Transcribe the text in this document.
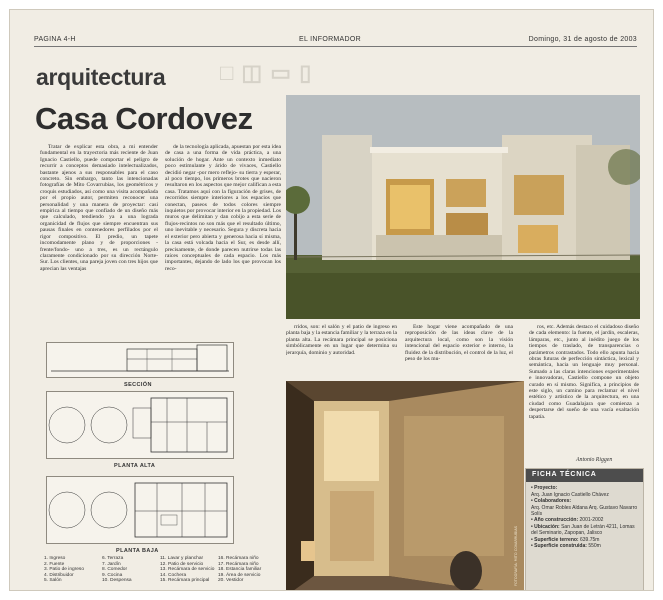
PAGINA 4-H	EL INFORMADOR	Domingo, 31 de agosto de 2003
□ ◫ ▭ ▯
arquitectura
Casa Cordovez

Tratar de explicar esta obra, a mi entender fundamental en la trayectoria más reciente de Juan Ignacio Castiello, puede comportar el peligro de recurrir a conceptos demasiado intelectualizados, bastante ajenos a sus responsables para el caso concreto. Sin embargo, tanto las intencionadas fotografías de Mito Covarrubias, los geométricos y croquis estudiados, así como una visita acompañada por el propio autor, permiten reconocer una personalidad y una manera de proyectar: casi empírica al tiempo que confiado de un diseño más que calculado, tendiendo ya a una lograda organicidad de flujos que siempre encuentran sus pausas finales en contenedores perfilados por el rigor compositivo. El predio, un tapete incomodamente plano y de proporciones -frente/fondo- uno a tres, es un rectángulo claramente condicionado por su dirección Norte-Sur. Los clientes, una pareja joven con tres hijos que aprecian las ventajas

de la tecnología aplicada, apuestan por esta idea de casa a una forma de vida práctica, a una solución de hogar. Ante un contexto inmediato poco estimulante y árido de vivaces, Castiello decidió negar -por mero reflejo- su tierra y esperar, al poco tiempo, los primeros brotes que nacieron resultaron en los aspectos que mejor califican a esta casa. Tratamos aquí con la figuración de grises, de recorridos siempre interiores a los espacios que conectan, paseos de todos colores siempre inquietos por provocar interior en la propiedad. Los muros que delimitan y dan cobijo a esta serie de flujos-recintos no son más que el resultado último, uno inevitable y necesario. Segura y discreta hacia el exterior pero abierta y generosa hacia sí misma, la casa está volcada hacia el Sur, es desde allí, precisamente, de donde parecen nutrirse todas las raíces conceptuales de cada espacio. Los más importantes, dejando de lado los que provocan los reco-

rridos, son: el salón y el patio de ingreso en planta baja y la estancia familiar y la terraza en la planta alta. La recámara principal se posiciona simbólicamente en un lugar que determina su jerarquía, dominio y autoridad.

Este hogar viene acompañado de una reproposición de las ideas clave de la arquitectura local, como son la visión intencional del espacio exterior e interno, la fluidez de la distribución, el control de la luz, el peso de los mu-

ros, etc. Además destaco el cuidadoso diseño de cada elemento: la fuente, el jardín, escaleras, lámparas, etc., junto al inédito juego de los tiempos de traslado, de transparencias o parámetros contrastados. Todo ello apunta hacia obras futuras de perfección sintáctica, lexical y semántica, hacia un lenguaje muy personal. Sumado a las claras intenciones experimentales e innovadoras, Castiello compone un objeto curado en sí mismo. Significa, a principios de este siglo, un camino para reclamar el nivel estético y artístico de la arquitectura, en una ciudad como Guadalajara que comienza a despertarse del sueño de una vacía exaltación tapatía.

Antonio Riggen
FOTOGRAFÍA: MITO COVARRUBIAS
SECCIÓN
PLANTA ALTA
PLANTA BAJA
1. Ingreso	6. Terraza	11. Lavar y planchar	16. Recámara niño
2. Fuente	7. Jardín	12. Patio de servicio	17. Recámara niño
3. Patio de ingreso	8. Comedor	13. Recámara de servicio 18. Estancia familiar
4. Distribuidor	9. Cocina	14. Cochera	19. Área de servicio
5. Salón	10. Despensa	15. Recámara principal	20. Vestidor
FICHA TÉCNICA
• Proyecto:
Arq. Juan Ignacio Castiello Chávez
• Colaboradores:
Arq. Omar Robles Aldana Arq. Gustavo Navarro Solís
• Año construcción: 2001-2002
• Ubicación: San Juan de Letrán 4211, Lomas del Seminario, Zapopan, Jalisco
• Superficie terreno: 639.75m
• Superficie construida: 550m
